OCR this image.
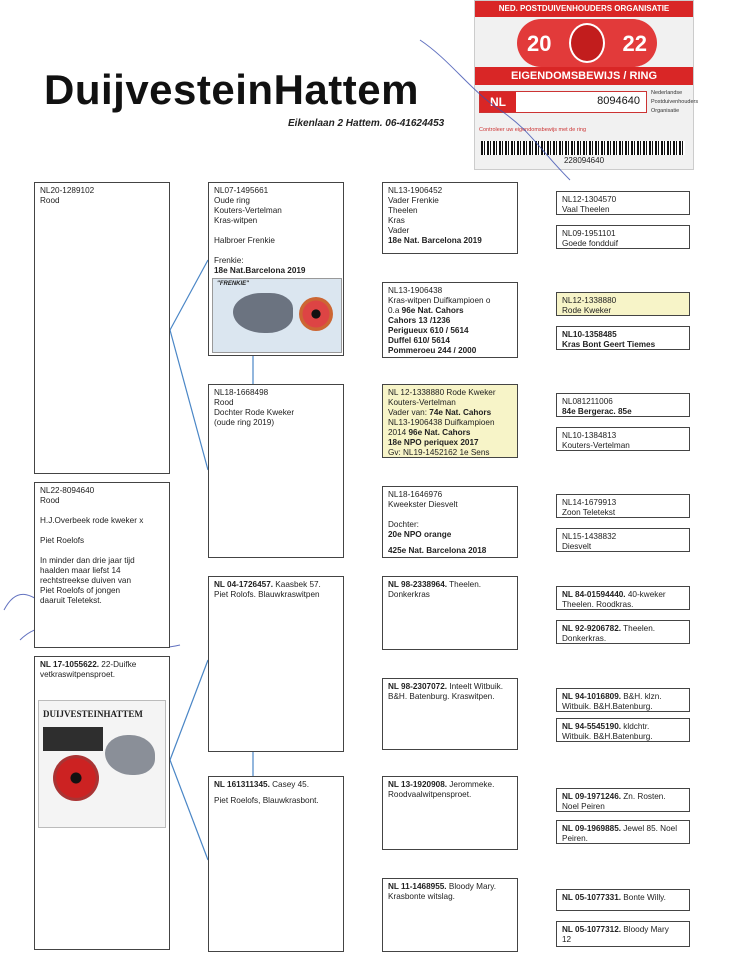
DuijvesteinHattem
Eikenlaan 2 Hattem. 06-41624453
NED. POSTDUIVENHOUDERS ORGANISATIE
20	22
EIGENDOMSBEWIJS / RING
NL	8094640
Nederlandse
Postduivenhouders
Organisatie
Controleer uw eigendomsbewijs met de ring
228094640
NL20-1289102
Rood
NL22-8094640
Rood

H.J.Overbeek rode kweker x

Piet Roelofs

In minder dan drie jaar tijd
haalden maar liefst 14
rechtstreekse duiven van
Piet Roelofs of jongen
daaruit Teletekst.
NL 17-1055622. 22-Duifke
vetkraswitpensproet.
DUIJVESTEINHATTEM
NL07-1495661
Oude ring
Kouters-Vertelman
Kras-witpen

Halbroer Frenkie

Frenkie:
18e Nat.Barcelona 2019
"FRENKIE"
NL18-1668498
Rood
Dochter Rode Kweker
(oude ring 2019)
NL 04-1726457. Kaasbek 57.
Piet Rolofs. Blauwkraswitpen
NL 161311345. Casey 45.
Piet Roelofs, Blauwkrasbont.
NL13-1906452
Vader Frenkie
Theelen
Kras
Vader
18e Nat. Barcelona 2019
NL13-1906438
Kras-witpen Duifkampioen o
0.a 96e Nat. Cahors
Cahors 13 /1236
Perigueux 610 / 5614
Duffel 610/ 5614
Pommeroeu 244 / 2000
NL 12-1338880 Rode Kweker
Kouters-Vertelman
Vader van: 74e Nat. Cahors
NL13-1906438 Duifkampioen
2014 96e Nat. Cahors
18e NPO periquex 2017
Gv: NL19-1452162 1e Sens
NL18-1646976
Kweekster Diesvelt

Dochter:
20e NPO orange
425e Nat. Barcelona 2018
NL 98-2338964. Theelen.
Donkerkras
NL 98-2307072. Inteelt Witbuik.
B&H. Batenburg. Kraswitpen.
NL 13-1920908. Jerommeke.
Roodvaalwitpensproet.
NL 11-1468955. Bloody Mary.
Krasbonte witslag.
NL12-1304570
Vaal Theelen
NL09-1951101
Goede fondduif
NL12-1338880
Rode Kweker
NL10-1358485
Kras Bont Geert Tiemes
NL081211006
84e Bergerac. 85e
NL10-1384813
Kouters-Vertelman
NL14-1679913
Zoon Teletekst
NL15-1438832
Diesvelt
NL 84-01594440. 40-kweker
Theelen. Roodkras.
NL 92-9206782. Theelen.
Donkerkras.
NL 94-1016809. B&H. klzn.
Witbuik. B&H.Batenburg.
NL 94-5545190. kldchtr.
Witbuik. B&H.Batenburg.
NL 09-1971246. Zn. Rosten.
Noel Peiren
NL 09-1969885. Jewel 85. Noel
Peiren.
NL 05-1077331. Bonte Willy.
NL 05-1077312. Bloody Mary
12
